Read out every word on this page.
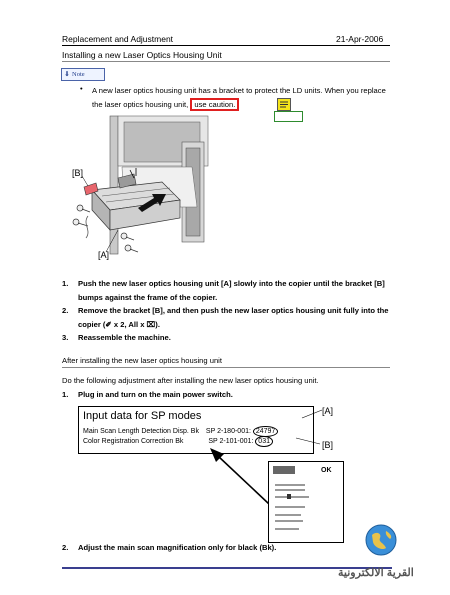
Replacement and Adjustment	21-Apr-2006
Installing a new Laser Optics Housing Unit
⇓ Note
• A new laser optics housing unit has a bracket to protect the LD units. When you replace the laser optics housing unit, use caution.
[B]
[A]
1. Push the new laser optics housing unit [A] slowly into the copier until the bracket [B] bumps against the frame of the copier.
2. Remove the bracket [B], and then push the new laser optics housing unit fully into the copier (✐ x 2, All x ⌧).
3. Reassemble the machine.
After installing the new laser optics housing unit
Do the following adjustment after installing the new laser optics housing unit.
1. Plug in and turn on the main power switch.
Input data for SP modes
Main Scan Length Detection Disp. Bk SP 2-180-001: 24797
Color Registration Correction Bk	SP 2-101-001: 031
[A]
[B]
OK
2. Adjust the main scan magnification only for black (Bk).
القرية الالكترونية
